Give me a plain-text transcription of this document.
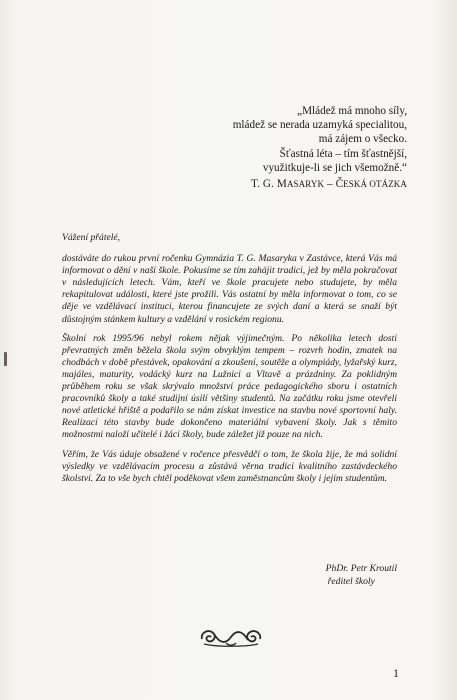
„Mládež má mnoho síly,
mládež se nerada uzamyká specialitou,
má zájem o všecko.
Šťastná léta – tím šťastnější,
využitkuje-li se jich všemožně.“
T. G. MASARYK – ČESKÁ OTÁZKA

Vážení přátelé,

dostáváte do rukou první ročenku Gymnázia T. G. Masaryka v Zastávce, která Vás má informovat o dění v naší škole. Pokusíme se tím zahájit tradici, jež by měla pokračovat v následujících letech. Vám, kteří ve škole pracujete nebo studujete, by měla rekapitulovat události, které jste prožili. Vás ostatní by měla informovat o tom, co se děje ve vzdělávací instituci, kterou financujete ze svých daní a která se snaží být důstojným stánkem kultury a vzdělání v rosickém regionu.

Školní rok 1995/96 nebyl rokem nějak výjimečným. Po několika letech dosti převratných změn běžela škola svým obvyklým tempem – rozvrh hodin, zmatek na chodbách v době přestávek, opakování a zkoušení, soutěže a olympiády, lyžařský kurz, majáles, maturity, vodácký kurz na Lužnici a Vltavě a prázdniny. Za poklidným průběhem roku se však skrývalo množství práce pedagogického sboru i ostatních pracovníků školy a také studijní úsilí většiny studentů. Na začátku roku jsme otevřeli nové atletické hřiště a podařilo se nám získat investice na stavbu nové sportovní haly. Realizací této stavby bude dokončeno materiální vybavení školy. Jak s těmito možnostmi naloží učitelé i žáci školy, bude záležet již pouze na nich.

Věřím, že Vás údaje obsažené v ročence přesvědčí o tom, že škola žije, že má solidní výsledky ve vzdělávacím procesu a zůstává věrna tradici kvalitního zastávdeckého školství. Za to vše bych chtěl poděkovat všem zaměstnancům školy i jejím studentům.

PhDr. Petr Kroutil
ředitel školy
1
